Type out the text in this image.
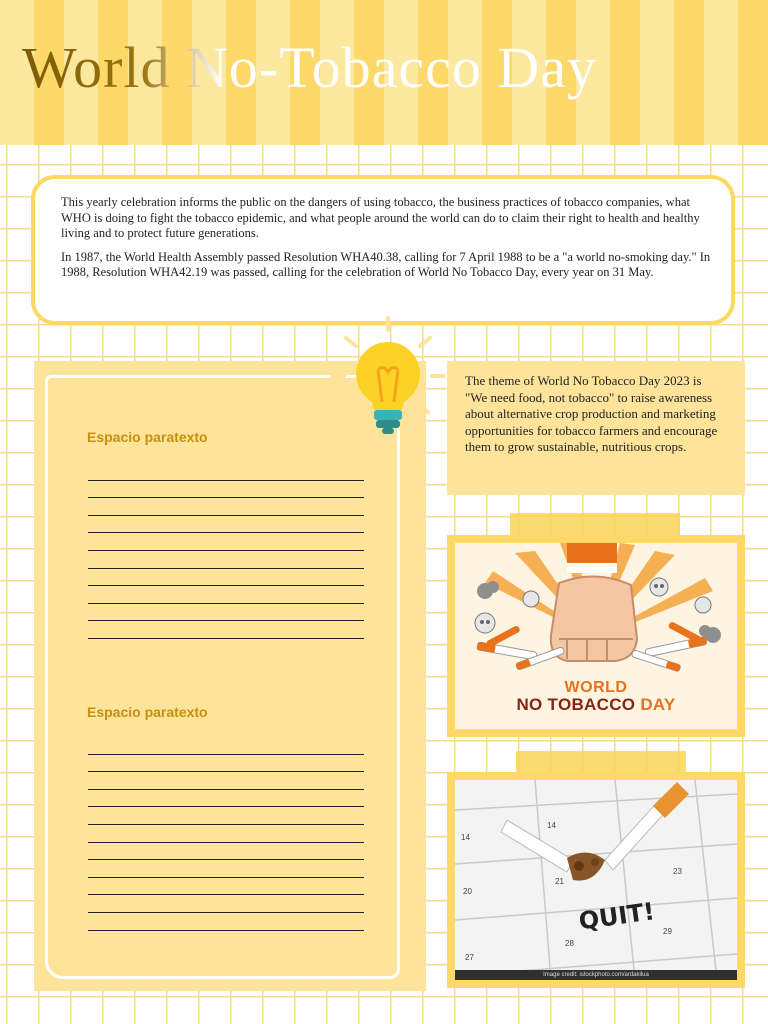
World No-Tobacco Day

This yearly celebration informs the public on the dangers of using tobacco, the business practices of tobacco companies, what WHO is doing to fight the tobacco epidemic, and what people around the world can do to claim their right to health and healthy living and to protect future generations.

In 1987, the World Health Assembly passed Resolution WHA40.38, calling for 7 April 1988 to be a "a world no-smoking day." In 1988, Resolution WHA42.19 was passed, calling for the celebration of World No Tobacco Day, every year on 31 May.

Espacio paratexto
Espacio paratexto

The theme of World No Tobacco Day 2023 is "We need food, not tobacco" to raise awareness about alternative crop production and marketing opportunities for tobacco farmers and encourage them to grow sustainable, nutritious crops.

WORLD
NO TOBACCO DAY
14
14
21
23
20
28
29
27
QUIT!
Image credit: istockphoto.com/ardakilua
